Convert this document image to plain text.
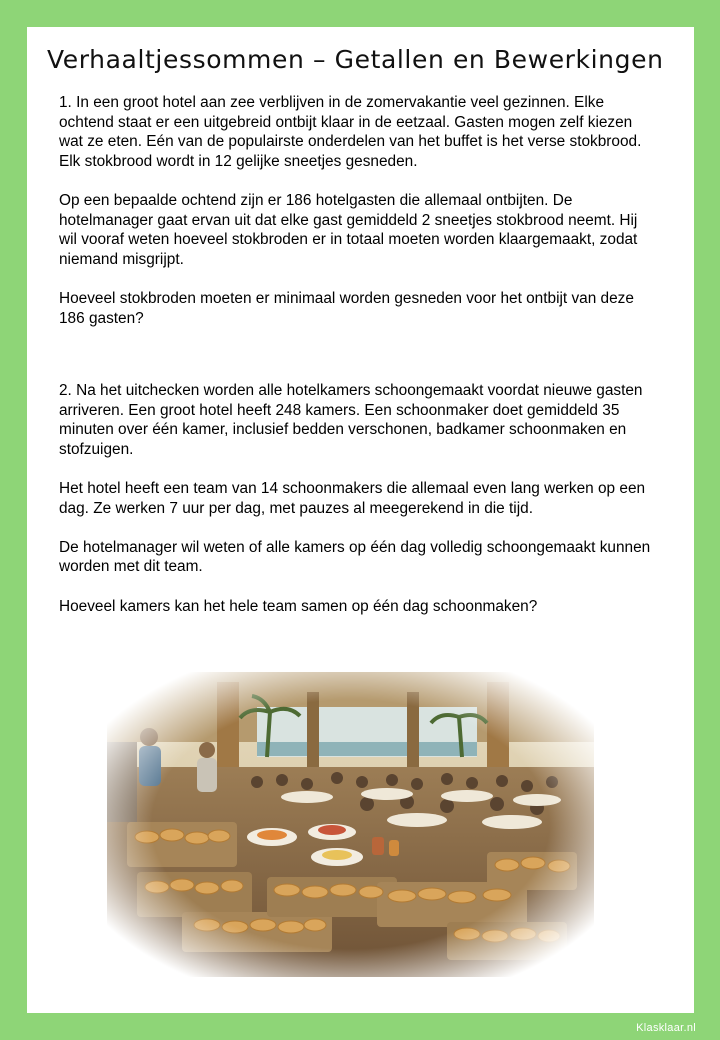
Verhaaltjessommen – Getallen en Bewerkingen

1. In een groot hotel aan zee verblijven in de zomervakantie veel gezinnen. Elke ochtend staat er een uitgebreid ontbijt klaar in de eetzaal. Gasten mogen zelf kiezen wat ze eten. Eén van de populairste onderdelen van het buffet is het verse stokbrood. Elk stokbrood wordt in 12 gelijke sneetjes gesneden.

Op een bepaalde ochtend zijn er 186 hotelgasten die allemaal ontbijten. De hotelmanager gaat ervan uit dat elke gast gemiddeld 2 sneetjes stokbrood neemt. Hij wil vooraf weten hoeveel stokbroden er in totaal moeten worden klaargemaakt, zodat niemand misgrijpt.

Hoeveel stokbroden moeten er minimaal worden gesneden voor het ontbijt van deze 186 gasten?

2. Na het uitchecken worden alle hotelkamers schoongemaakt voordat nieuwe gasten arriveren. Een groot hotel heeft 248 kamers. Een schoonmaker doet gemiddeld 35 minuten over één kamer, inclusief bedden verschonen, badkamer schoonmaken en stofzuigen.

Het hotel heeft een team van 14 schoonmakers die allemaal even lang werken op een dag. Ze werken 7 uur per dag, met pauzes al meegerekend in die tijd.

De hotelmanager wil weten of alle kamers op één dag volledig schoongemaakt kunnen worden met dit team.

Hoeveel kamers kan het hele team samen op één dag schoonmaken?

Klasklaar.nl
